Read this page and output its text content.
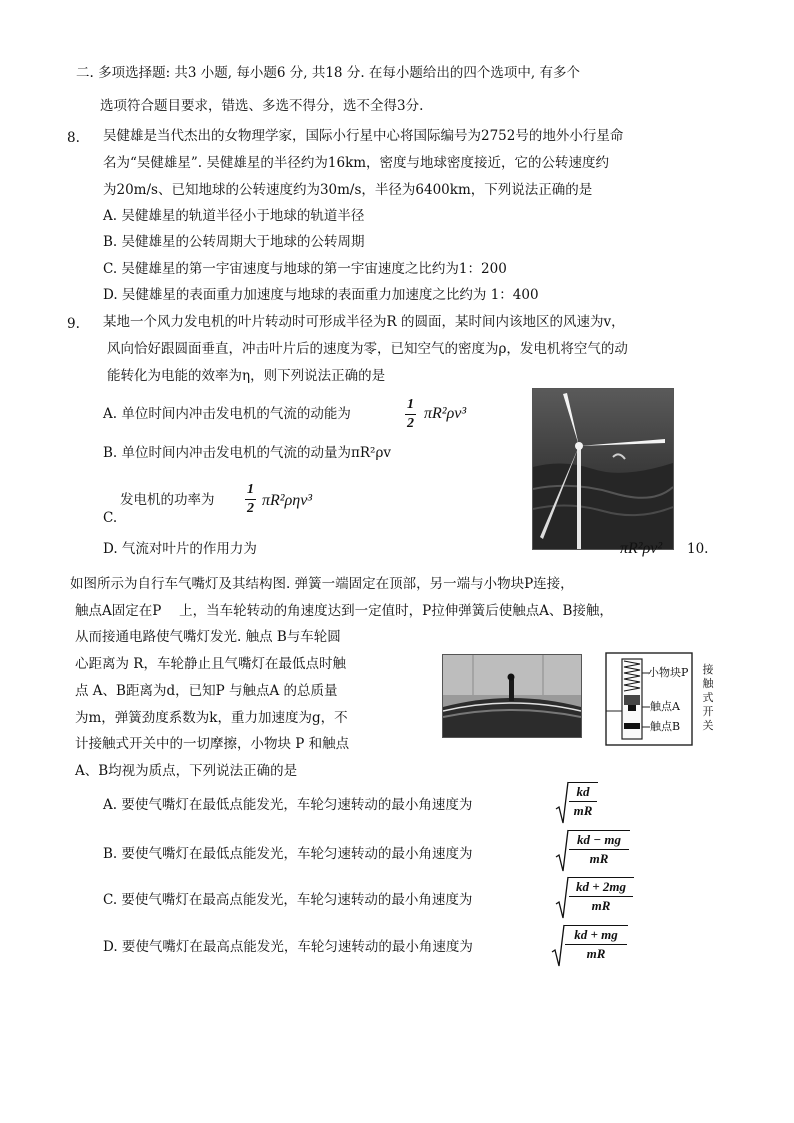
二. 多项选择题: 共3 小题, 每小题6 分, 共18 分. 在每小题给出的四个选项中, 有多个
选项符合题目要求，错选、多选不得分，选不全得3分.
8. 吴健雄是当代杰出的女物理学家，国际小行星中心将国际编号为2752号的地外小行星命
名为“吴健雄星”. 吴健雄星的半径约为16km，密度与地球密度接近，它的公转速度约
为20m/s、已知地球的公转速度约为30m/s，半径为6400km，下列说法正确的是
A. 吴健雄星的轨道半径小于地球的轨道半径
B. 吴健雄星的公转周期大于地球的公转周期
C. 吴健雄星的第一宇宙速度与地球的第一宇宙速度之比约为1：200
D. 吴健雄星的表面重力加速度与地球的表面重力加速度之比约为 1：400
9. 某地一个风力发电机的叶片转动时可形成半径为R 的圆面，某时间内该地区的风速为v，
风向恰好跟圆面垂直，冲击叶片后的速度为零，已知空气的密度为ρ，发电机将空气的动
能转化为电能的效率为η，则下列说法正确的是
A. 单位时间内冲击发电机的气流的动能为	$\frac{1}{2} \pi R^2\rho v^3$
B. 单位时间内冲击发电机的气流的动量为πR²ρv
C.
发电机的功率为 $\frac{1}{2} \pi R^2\rho\eta v^3$
D. 气流对叶片的作用力为	πR²ρv² 10.
如图所示为自行车气嘴灯及其结构图. 弹簧一端固定在顶部，另一端与小物块P连接，
触点A固定在P　 上，当车轮转动的角速度达到一定值时，P拉伸弹簧后使触点A、B接触，
从而接通电路使气嘴灯发光. 触点 B与车轮圆
心距离为 R，车轮静止且气嘴灯在最低点时触
点 A、B距离为d，已知P 与触点A 的总质量
为m，弹簧劲度系数为k，重力加速度为g，不
计接触式开关中的一切摩擦，小物块 P 和触点
A、B均视为质点，下列说法正确的是
小物块P
触点A
触点B
接
触
式
开
关
A. 要使气嘴灯在最低点能发光，车轮匀速转动的最小角速度为	$\frac{kd}{mR}$
B. 要使气嘴灯在最低点能发光，车轮匀速转动的最小角速度为	$\frac{kd - mg}{mR}$
C. 要使气嘴灯在最高点能发光，车轮匀速转动的最小角速度为	$\frac{kd + 2mg}{mR}$
D. 要使气嘴灯在最高点能发光，车轮匀速转动的最小角速度为	$\frac{kd + mg}{mR}$
